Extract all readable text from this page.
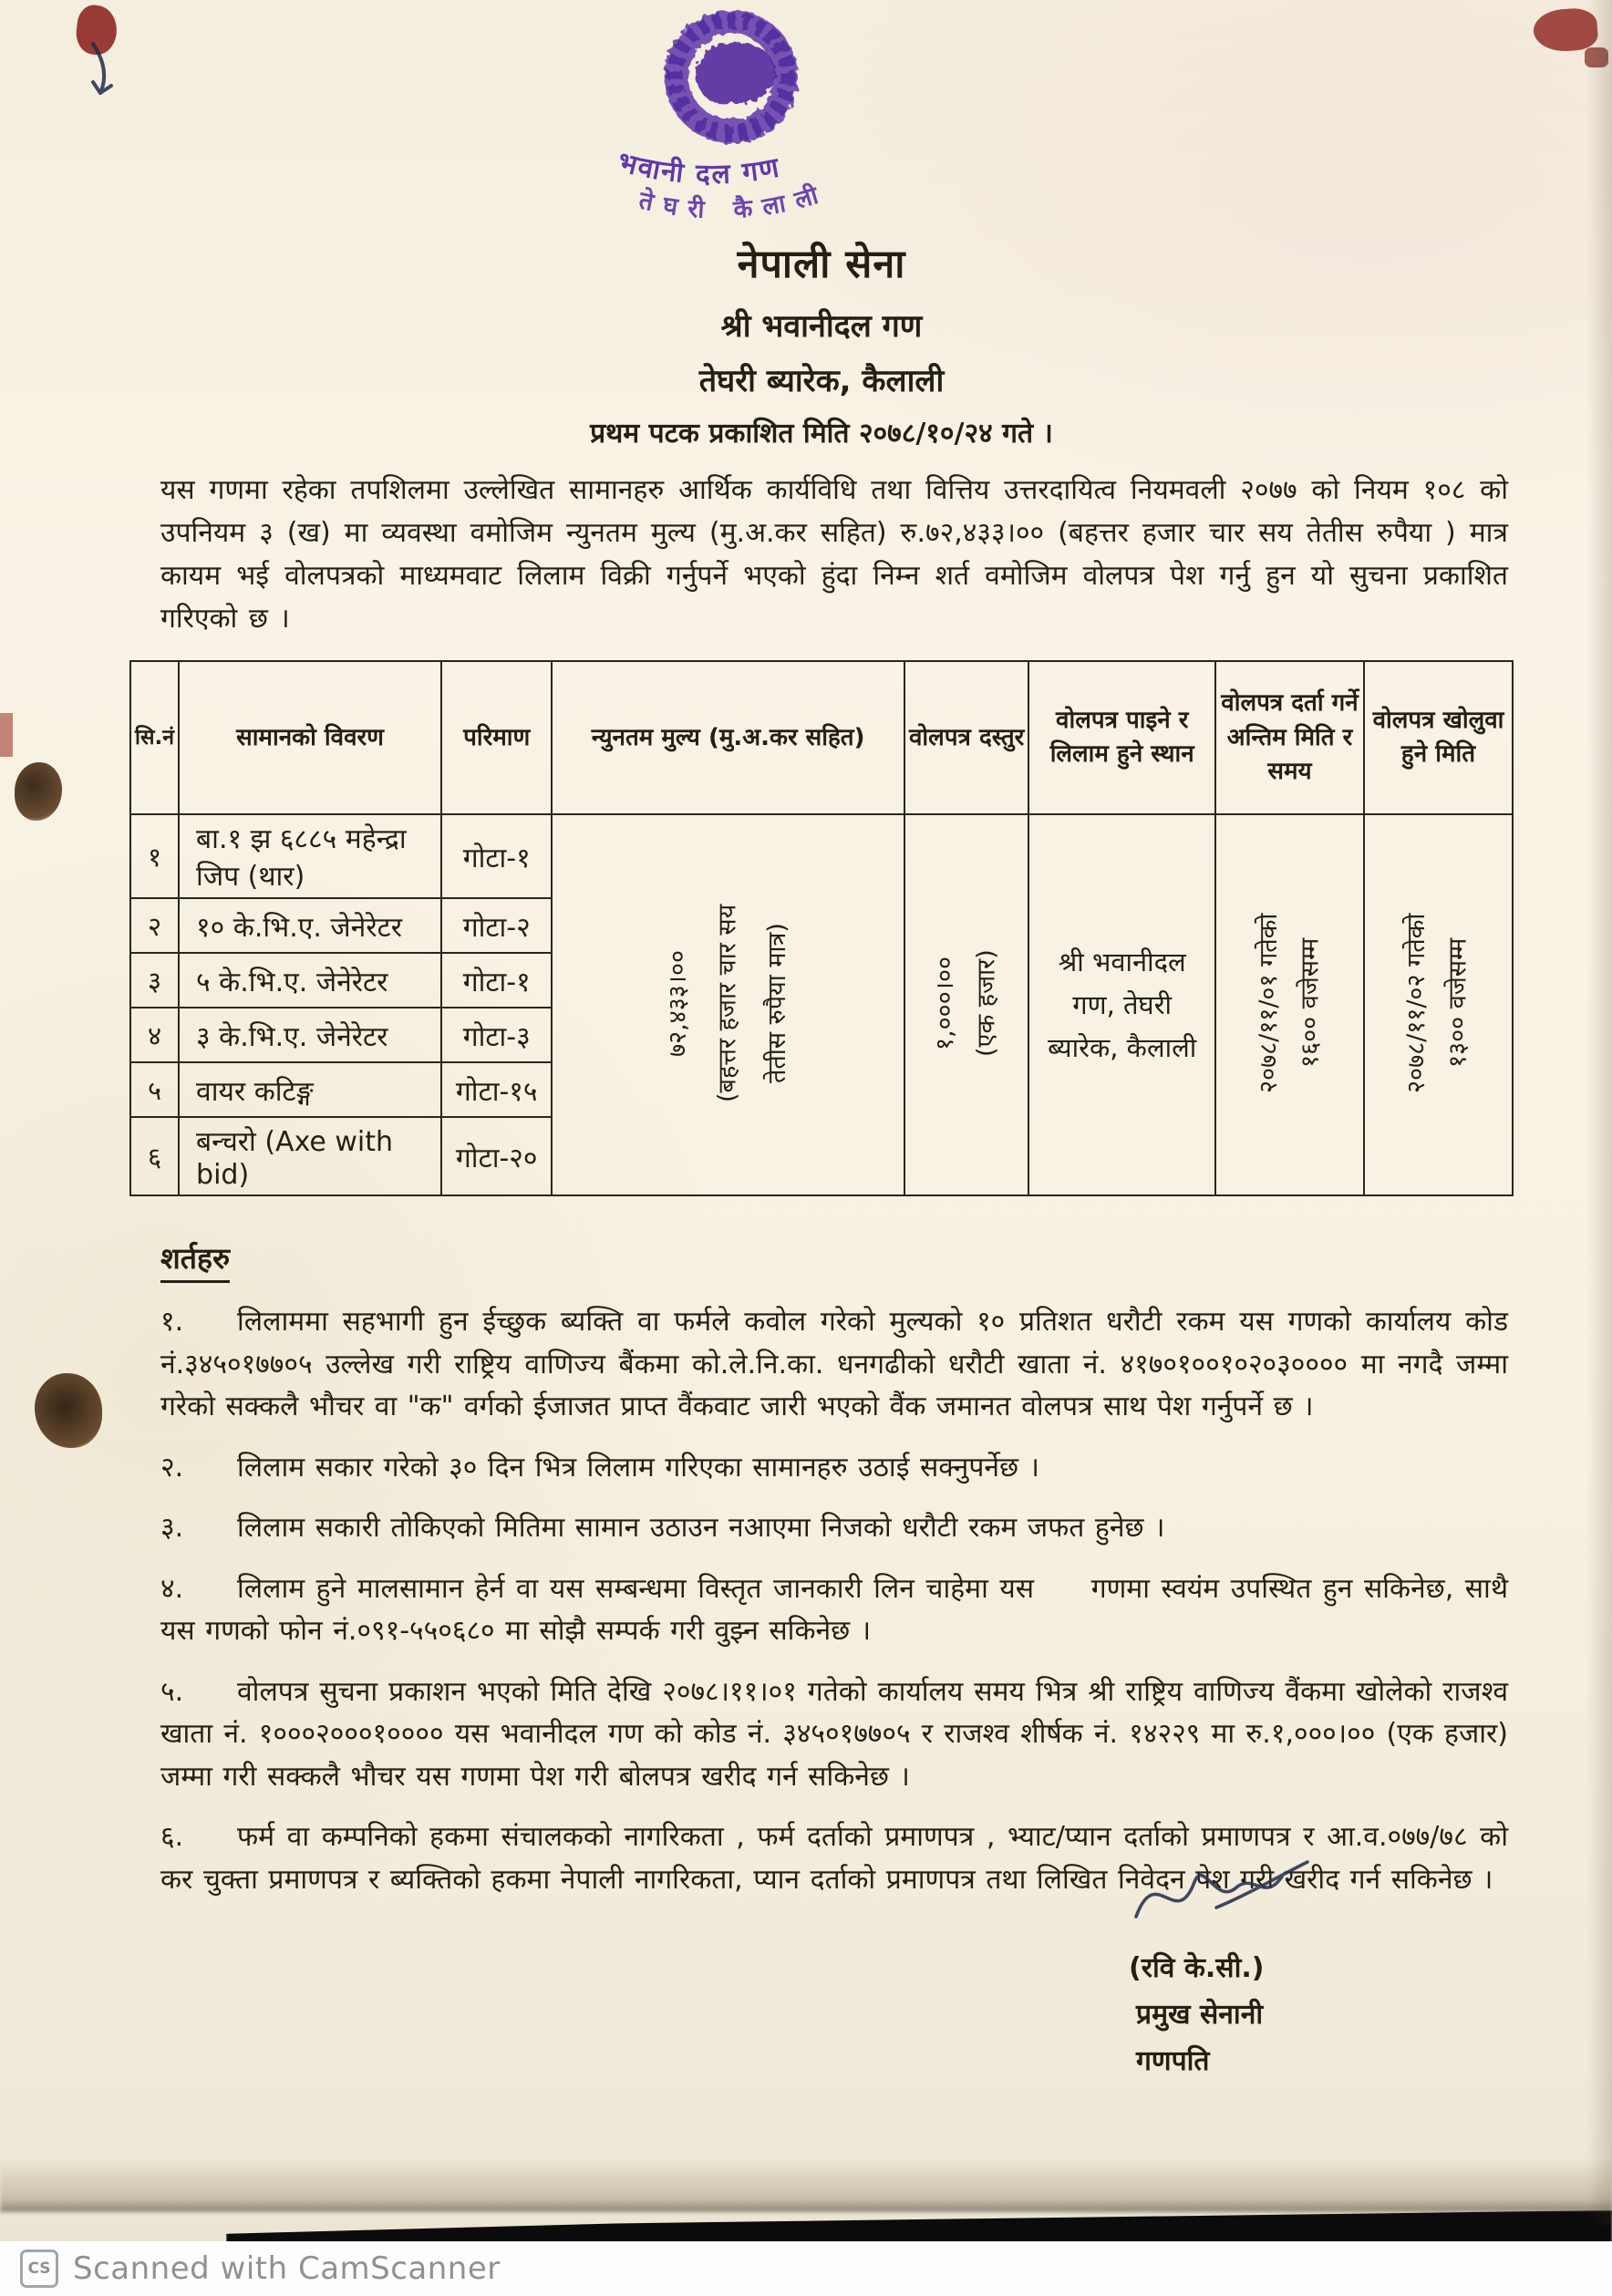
भवानी दल गण
तेघरी कैलाली
नेपाली सेना
श्री भवानीदल गण
तेघरी ब्यारेक, कैलाली
प्रथम पटक प्रकाशित मिति २०७८/१०/२४ गते ।

यस गणमा रहेका तपशिलमा उल्लेखित सामानहरु आर्थिक कार्यविधि तथा वित्तिय उत्तरदायित्व नियमवली २०७७ को नियम १०८ को उपनियम ३ (ख) मा व्यवस्था वमोजिम न्युनतम मुल्य (मु.अ.कर सहित) रु.७२,४३३।०० (बहत्तर हजार चार सय तेतीस रुपैया ) मात्र कायम भई वोलपत्रको माध्यमवाट लिलाम विक्री गर्नुपर्ने भएको हुंदा निम्न शर्त वमोजिम वोलपत्र पेश गर्नु हुन यो सुचना प्रकाशित गरिएको छ ।

सि.नं	सामानको विवरण	परिमाण	न्युनतम मुल्य (मु.अ.कर सहित)	वोलपत्र दस्तुर	वोलपत्र पाइने र लिलाम हुने स्थान	वोलपत्र दर्ता गर्ने अन्तिम मिति र समय	वोलपत्र खोलुवा हुने मिति
१	बा.१ झ ६८८५ महेन्द्रा जिप (थार)	गोटा-१	७२,४३३।०० (बहत्तर हजार चार सय तेतीस रुपैया मात्र)	१,०००।०० (एक हजार)	श्री भवानीदल गण, तेघरी ब्यारेक, कैलाली	२०७८/११/०१ गतेको १६०० वजेसम्म	२०७८/११/०२ गतेको १३०० वजेसम्म

२	१० के.भि.ए. जेनेरेटर	गोटा-२					
३	५ के.भि.ए. जेनेरेटर	गोटा-१					
४	३ के.भि.ए. जेनेरेटर	गोटा-३					
५	वायर कटिङ्ग	गोटा-१५					
६	बन्चरो (Axe with bid)	गोटा-२०					
शर्तहरु

१. लिलाममा सहभागी हुन ईच्छुक ब्यक्ति वा फर्मले कवोल गरेको मुल्यको १० प्रतिशत धरौटी रकम यस गणको कार्यालय कोड नं.३४५०१७७०५ उल्लेख गरी राष्ट्रिय वाणिज्य बैंकमा को.ले.नि.का. धनगढीको धरौटी खाता नं. ४१७०१००१०२०३०००० मा नगदै जम्मा गरेको सक्कलै भौचर वा "क" वर्गको ईजाजत प्राप्त वैंकवाट जारी भएको वैंक जमानत वोलपत्र साथ पेश गर्नुपर्ने छ ।

२. लिलाम सकार गरेको ३० दिन भित्र लिलाम गरिएका सामानहरु उठाई सक्नुपर्नेछ ।

३. लिलाम सकारी तोकिएको मितिमा सामान उठाउन नआएमा निजको धरौटी रकम जफत हुनेछ ।

४. लिलाम हुने मालसामान हेर्न वा यस सम्बन्धमा विस्तृत जानकारी लिन चाहेमा यस     गणमा स्वयंम उपस्थित हुन सकिनेछ, साथै यस गणको फोन नं.०९१-५५०६८० मा सोझै सम्पर्क गरी वुझ्न सकिनेछ ।

५. वोलपत्र सुचना प्रकाशन भएको मिति देखि २०७८।११।०१ गतेको कार्यालय समय भित्र श्री राष्ट्रिय वाणिज्य वैंकमा खोलेको राजश्व खाता नं. १०००२०००१०००० यस भवानीदल गण को कोड नं. ३४५०१७७०५ र राजश्व शीर्षक नं. १४२२९ मा रु.१,०००।०० (एक हजार) जम्मा गरी सक्कलै भौचर यस गणमा पेश गरी बोलपत्र खरीद गर्न सकिनेछ ।

६. फर्म वा कम्पनिको हकमा संचालकको नागरिकता , फर्म दर्ताको प्रमाणपत्र , भ्याट/प्यान दर्ताको प्रमाणपत्र र आ.व.०७७/७८ को कर चुक्ता प्रमाणपत्र र ब्यक्तिको हकमा नेपाली नागरिकता, प्यान दर्ताको प्रमाणपत्र तथा लिखित निवेदन पेश गरी खरीद गर्न सकिनेछ ।

(रवि के.सी.)
प्रमुख सेनानी
गणपति
CS Scanned with CamScanner
